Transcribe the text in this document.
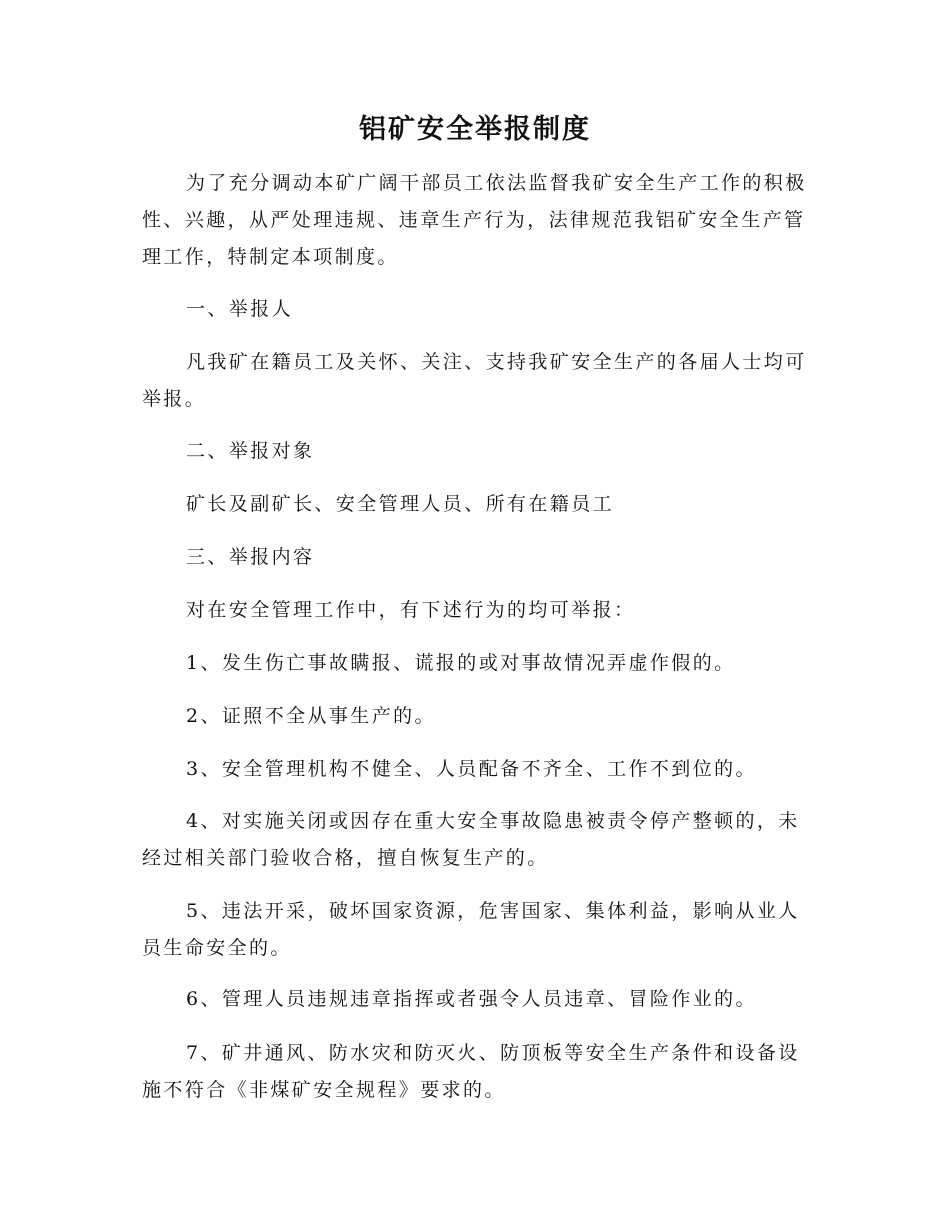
铝矿安全举报制度

为了充分调动本矿广阔干部员工依法监督我矿安全生产工作的积极性、兴趣，从严处理违规、违章生产行为，法律规范我铝矿安全生产管理工作，特制定本项制度。

一、举报人

凡我矿在籍员工及关怀、关注、支持我矿安全生产的各届人士均可举报。

二、举报对象

矿长及副矿长、安全管理人员、所有在籍员工

三、举报内容

对在安全管理工作中，有下述行为的均可举报：

1、发生伤亡事故瞒报、谎报的或对事故情况弄虚作假的。

2、证照不全从事生产的。

3、安全管理机构不健全、人员配备不齐全、工作不到位的。

4、对实施关闭或因存在重大安全事故隐患被责令停产整顿的，未经过相关部门验收合格，擅自恢复生产的。

5、违法开采，破坏国家资源，危害国家、集体利益，影响从业人员生命安全的。

6、管理人员违规违章指挥或者强令人员违章、冒险作业的。

7、矿井通风、防水灾和防灭火、防顶板等安全生产条件和设备设施不符合《非煤矿安全规程》要求的。
